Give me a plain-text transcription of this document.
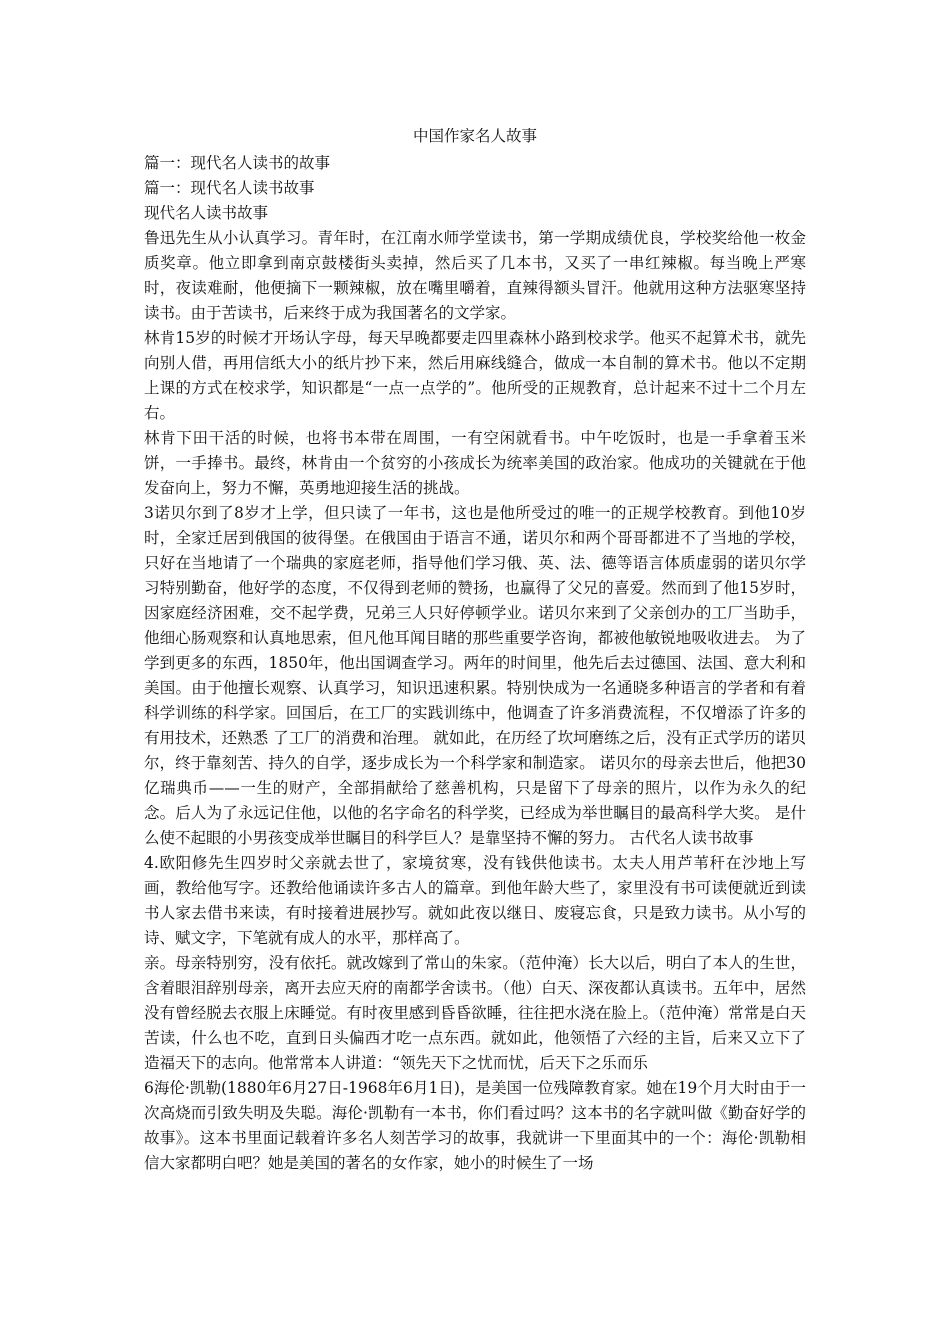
中国作家名人故事
篇一：现代名人读书的故事
篇一：现代名人读书故事
现代名人读书故事

鲁迅先生从小认真学习。青年时，在江南水师学堂读书，第一学期成绩优良，学校奖给他一枚金质奖章。他立即拿到南京鼓楼街头卖掉，然后买了几本书，又买了一串红辣椒。每当晚上严寒时，夜读难耐，他便摘下一颗辣椒，放在嘴里嚼着，直辣得额头冒汗。他就用这种方法驱寒坚持读书。由于苦读书，后来终于成为我国著名的文学家。

林肯15岁的时候才开场认字母，每天早晚都要走四里森林小路到校求学。他买不起算术书，就先向别人借，再用信纸大小的纸片抄下来，然后用麻线缝合，做成一本自制的算术书。他以不定期上课的方式在校求学，知识都是“一点一点学的”。他所受的正规教育，总计起来不过十二个月左右。

林肯下田干活的时候，也将书本带在周围，一有空闲就看书。中午吃饭时，也是一手拿着玉米饼，一手捧书。最终，林肯由一个贫穷的小孩成长为统率美国的政治家。他成功的关键就在于他发奋向上，努力不懈，英勇地迎接生活的挑战。

3诺贝尔到了8岁才上学，但只读了一年书，这也是他所受过的唯一的正规学校教育。到他10岁时，全家迁居到俄国的彼得堡。在俄国由于语言不通，诺贝尔和两个哥哥都进不了当地的学校，只好在当地请了一个瑞典的家庭老师，指导他们学习俄、英、法、德等语言体质虚弱的诺贝尔学习特别勤奋，他好学的态度，不仅得到老师的赞扬，也赢得了父兄的喜爱。然而到了他15岁时，因家庭经济困难，交不起学费，兄弟三人只好停顿学业。诺贝尔来到了父亲创办的工厂当助手，他细心肠观察和认真地思索，但凡他耳闻目睹的那些重要学咨询，都被他敏锐地吸收进去。 为了学到更多的东西，1850年，他出国调查学习。两年的时间里，他先后去过德国、法国、意大利和美国。由于他擅长观察、认真学习，知识迅速积累。特别快成为一名通晓多种语言的学者和有着科学训练的科学家。回国后，在工厂的实践训练中，他调查了许多消费流程，不仅增添了许多的有用技术，还熟悉 了工厂的消费和治理。 就如此，在历经了坎坷磨练之后，没有正式学历的诺贝尔，终于靠刻苦、持久的自学，逐步成长为一个科学家和制造家。 诺贝尔的母亲去世后，他把30亿瑞典币——一生的财产，全部捐献给了慈善机构，只是留下了母亲的照片，以作为永久的纪念。后人为了永远记住他，以他的名字命名的科学奖，已经成为举世瞩目的最高科学大奖。 是什么使不起眼的小男孩变成举世瞩目的科学巨人？是靠坚持不懈的努力。 古代名人读书故事

4.欧阳修先生四岁时父亲就去世了，家境贫寒，没有钱供他读书。太夫人用芦苇秆在沙地上写画，教给他写字。还教给他诵读许多古人的篇章。到他年龄大些了，家里没有书可读便就近到读书人家去借书来读，有时接着进展抄写。就如此夜以继日、废寝忘食，只是致力读书。从小写的诗、赋文字，下笔就有成人的水平，那样高了。

亲。母亲特别穷，没有依托。就改嫁到了常山的朱家。（范仲淹）长大以后，明白了本人的生世，含着眼泪辞别母亲，离开去应天府的南都学舍读书。（他）白天、深夜都认真读书。五年中，居然没有曾经脱去衣服上床睡觉。有时夜里感到昏昏欲睡，往往把水浇在脸上。（范仲淹）常常是白天苦读，什么也不吃，直到日头偏西才吃一点东西。就如此，他领悟了六经的主旨，后来又立下了造福天下的志向。他常常本人讲道：“领先天下之忧而忧，后天下之乐而乐

6海伦·凯勒(1880年6月27日-1968年6月1日)，是美国一位残障教育家。她在19个月大时由于一次高烧而引致失明及失聪。海伦·凯勒有一本书，你们看过吗？这本书的名字就叫做《勤奋好学的故事》。这本书里面记载着许多名人刻苦学习的故事，我就讲一下里面其中的一个：海伦·凯勒相信大家都明白吧？她是美国的著名的女作家，她小的时候生了一场
